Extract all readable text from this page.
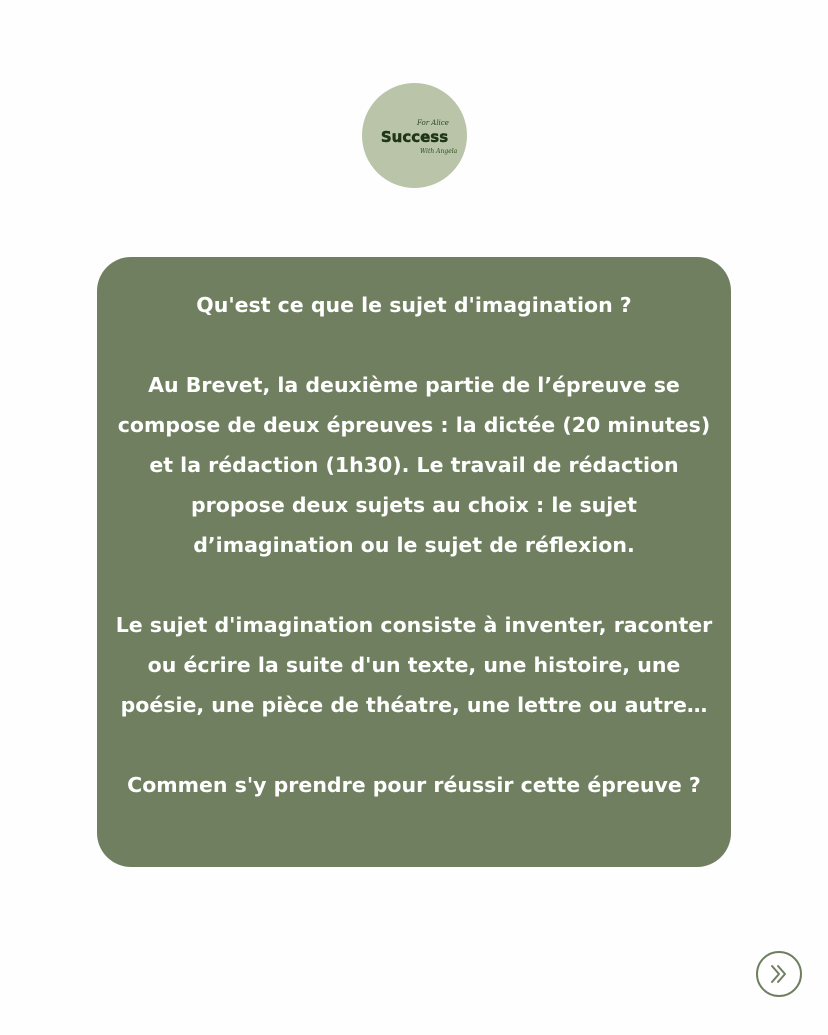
For Alice
Success
With Angela

Qu'est ce que le sujet d'imagination ?

Au Brevet, la deuxième partie de l’épreuve se compose de deux épreuves : la dictée (20 minutes) et la rédaction (1h30). Le travail de rédaction propose deux sujets au choix : le sujet d’imagination ou le sujet de réflexion.

Le sujet d'imagination consiste à inventer, raconter ou écrire la suite d'un texte, une histoire, une poésie, une pièce de théatre, une lettre ou autre…

Commen s'y prendre pour réussir cette épreuve ?
